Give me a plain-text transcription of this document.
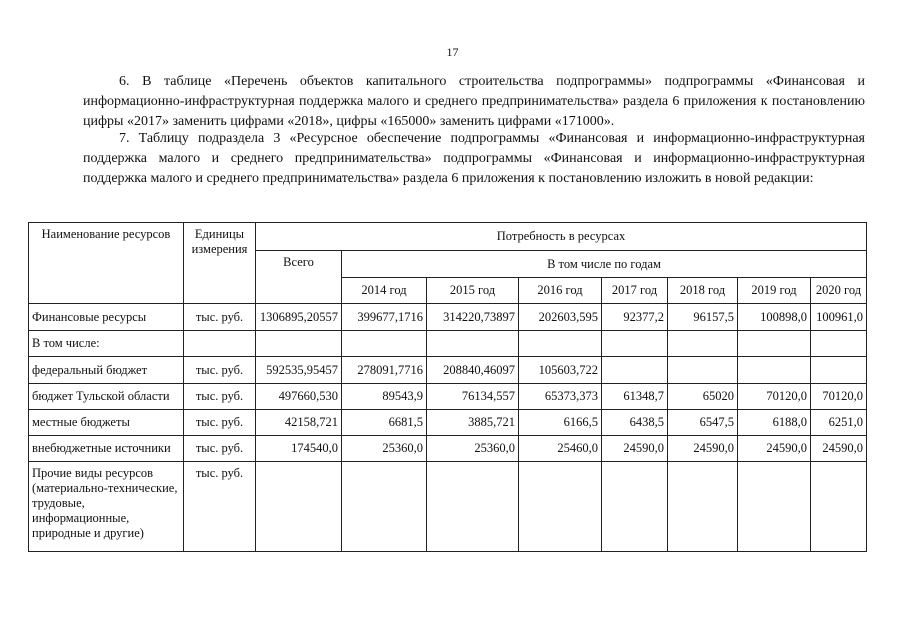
17

6. В таблице «Перечень объектов капитального строительства подпрограммы» подпрограммы «Финансовая и информационно-инфраструктурная поддержка малого и среднего предпринимательства» раздела 6 приложения к постановлению цифры «2017» заменить цифрами «2018», цифры «165000» заменить цифрами «171000».

7. Таблицу подраздела 3 «Ресурсное обеспечение подпрограммы «Финансовая и информационно-инфраструктурная поддержка малого и среднего предпринимательства» подпрограммы «Финансовая и информационно-инфраструктурная поддержка малого и среднего предпринимательства» раздела 6 приложения к постановлению изложить в новой редакции:

Наименование ресурсов	Единицы измерения	Потребность в ресурсах							
		Всего	В том числе по годам						
			2014 год	2015 год	2016 год	2017 год	2018 год	2019 год	2020 год
Финансовые ресурсы	тыс. руб.	1306895,20557	399677,1716	314220,73897	202603,595	92377,2	96157,5	100898,0	100961,0
В том числе:									
федеральный бюджет	тыс. руб.	592535,95457	278091,7716	208840,46097	105603,722				
бюджет Тульской области	тыс. руб.	497660,530	89543,9	76134,557	65373,373	61348,7	65020	70120,0	70120,0
местные бюджеты	тыс. руб.	42158,721	6681,5	3885,721	6166,5	6438,5	6547,5	6188,0	6251,0
внебюджетные источники	тыс. руб.	174540,0	25360,0	25360,0	25460,0	24590,0	24590,0	24590,0	24590,0
Прочие виды ресурсов (материально-технические, трудовые, информационные, природные и другие)	тыс. руб.								
